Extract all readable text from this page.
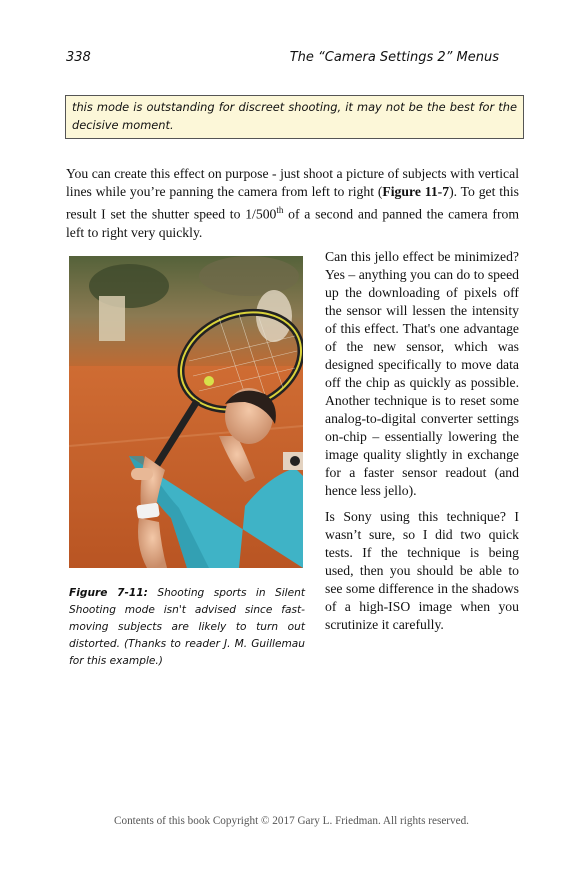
338	The “Camera Settings 2” Menus
this mode is outstanding for discreet shooting, it may not be the best for the decisive moment.

You can create this effect on purpose - just shoot a picture of subjects with vertical lines while you’re panning the camera from left to right (Figure 11-7). To get this result I set the shutter speed to 1/500th of a second and panned the camera from left to right very quickly.

Figure 7-11: Shooting sports in Silent Shooting mode isn't advised since fast-moving subjects are likely to turn out distorted. (Thanks to reader J. M. Guillemau for this example.)

Can this jello effect be minimized? Yes – anything you can do to speed up the downloading of pixels off the sensor will lessen the intensity of this effect. That's one advantage of the new sensor, which was designed specifically to move data off the chip as quickly as possible. Another technique is to reset some analog-to-digital converter settings on-chip – essentially lowering the image quality slightly in exchange for a faster sensor readout (and hence less jello).

Is Sony using this technique? I wasn’t sure, so I did two quick tests. If the technique is being used, then you should be able to see some difference in the shadows of a high-ISO image when you scrutinize it carefully.

Contents of this book Copyright © 2017 Gary L. Friedman. All rights reserved.
